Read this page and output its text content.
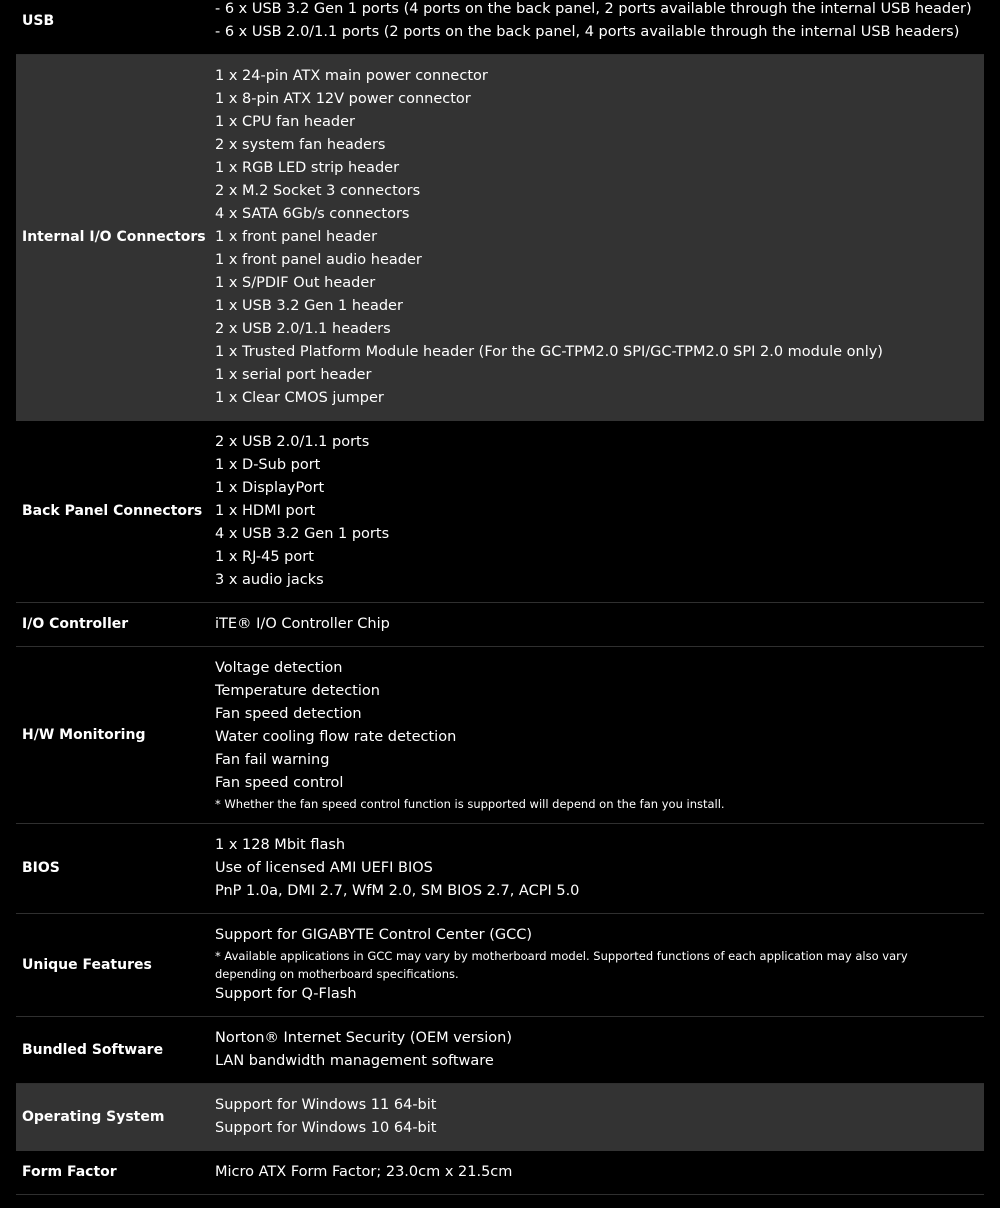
USB
- 6 x USB 3.2 Gen 1 ports (4 ports on the back panel, 2 ports available through the internal USB header)
- 6 x USB 2.0/1.1 ports (2 ports on the back panel, 4 ports available through the internal USB headers)
Internal I/O Connectors
1 x 24-pin ATX main power connector
1 x 8-pin ATX 12V power connector
1 x CPU fan header
2 x system fan headers
1 x RGB LED strip header
2 x M.2 Socket 3 connectors
4 x SATA 6Gb/s connectors
1 x front panel header
1 x front panel audio header
1 x S/PDIF Out header
1 x USB 3.2 Gen 1 header
2 x USB 2.0/1.1 headers
1 x Trusted Platform Module header (For the GC-TPM2.0 SPI/GC-TPM2.0 SPI 2.0 module only)
1 x serial port header
1 x Clear CMOS jumper
Back Panel Connectors
2 x USB 2.0/1.1 ports
1 x D-Sub port
1 x DisplayPort
1 x HDMI port
4 x USB 3.2 Gen 1 ports
1 x RJ-45 port
3 x audio jacks
I/O Controller	iTE® I/O Controller Chip
H/W Monitoring
Voltage detection
Temperature detection
Fan speed detection
Water cooling flow rate detection
Fan fail warning
Fan speed control
* Whether the fan speed control function is supported will depend on the fan you install.
BIOS
1 x 128 Mbit flash
Use of licensed AMI UEFI BIOS
PnP 1.0a, DMI 2.7, WfM 2.0, SM BIOS 2.7, ACPI 5.0
Unique Features
Support for GIGABYTE Control Center (GCC)
* Available applications in GCC may vary by motherboard model. Supported functions of each application may also vary depending on motherboard specifications.
Support for Q-Flash
Bundled Software
Norton® Internet Security (OEM version)
LAN bandwidth management software
Operating System
Support for Windows 11 64-bit
Support for Windows 10 64-bit
Form Factor	Micro ATX Form Factor; 23.0cm x 21.5cm
